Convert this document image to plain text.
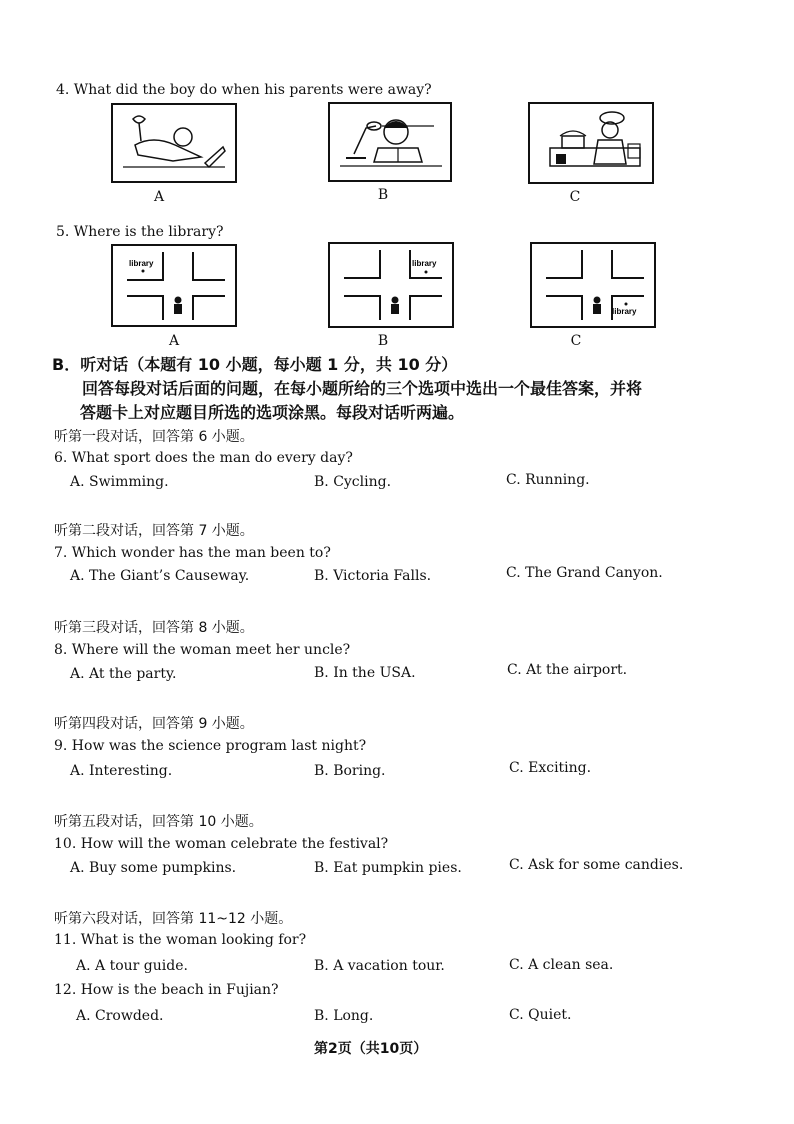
4. What did the boy do when his parents were away?
A	B	C
5. Where is the library?
library
A
library
B
library
C
B．听对话（本题有 10 小题，每小题 1 分，共 10 分）
回答每段对话后面的问题，在每小题所给的三个选项中选出一个最佳答案，并将
答题卡上对应题目所选的选项涂黑。每段对话听两遍。
听第一段对话，回答第 6 小题。
6. What sport does the man do every day?
A. Swimming.	B. Cycling.	C. Running.
听第二段对话，回答第 7 小题。
7. Which wonder has the man been to?
A. The Giant’s Causeway.	B. Victoria Falls.	C. The Grand Canyon.
听第三段对话，回答第 8 小题。
8. Where will the woman meet her uncle?
A. At the party.	B. In the USA.	C. At the airport.
听第四段对话，回答第 9 小题。
9. How was the science program last night?
A. Interesting.	B. Boring.	C. Exciting.
听第五段对话，回答第 10 小题。
10. How will the woman celebrate the festival?
A. Buy some pumpkins.	B. Eat pumpkin pies.	C. Ask for some candies.
听第六段对话，回答第 11~12 小题。
11. What is the woman looking for?
A. A tour guide.	B. A vacation tour.	C. A clean sea.
12. How is the beach in Fujian?
A. Crowded.	B. Long.	C. Quiet.
第2页（共10页）
